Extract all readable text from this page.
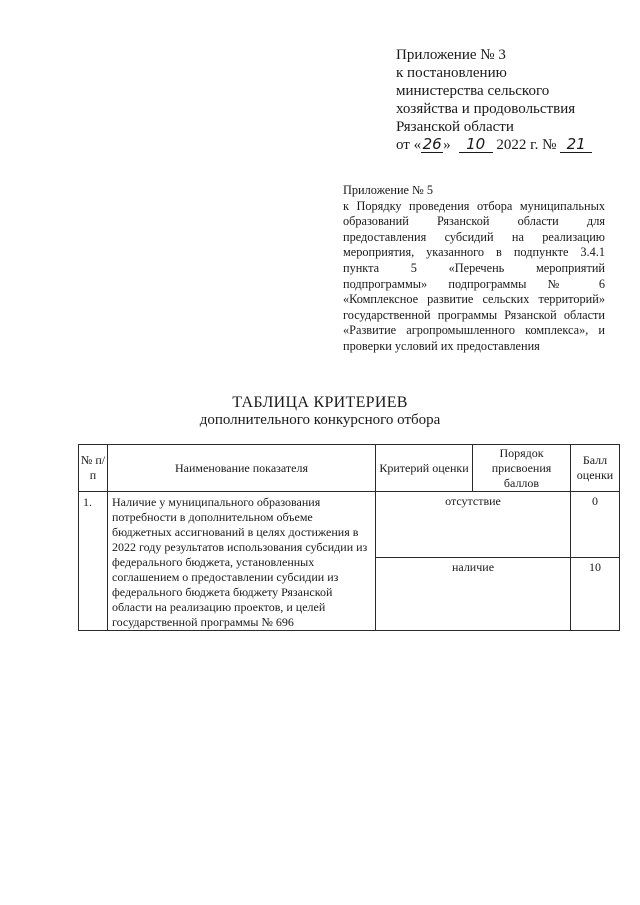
Приложение № 3
к постановлению
министерства сельского
хозяйства и продовольствия
Рязанской области
от «26» 10 2022 г. № 21
Приложение № 5
к Порядку проведения отбора муниципальных образований Рязанской области для предоставления субсидий на реализацию мероприятия, указанного в подпункте 3.4.1 пункта 5 «Перечень мероприятий подпрограммы» подпрограммы № 6 «Комплексное развитие сельских территорий» государственной программы Рязанской области «Развитие агропромышленного комплекса», и проверки условий их предоставления
ТАБЛИЦА КРИТЕРИЕВ
дополнительного конкурсного отбора
№ п/п	Наименование показателя	Критерий оценки	Порядок присвоения баллов	Балл оценки
1.	Наличие у муниципального образования потребности в дополнительном объеме бюджетных ассигнований в целях достижения в 2022 году результатов использования субсидии из федерального бюджета, установленных соглашением о предоставлении субсидии из федерального бюджета бюджету Рязанской области на реализацию проектов, и целей государственной программы № 696	отсутствие		0
		наличие		10
